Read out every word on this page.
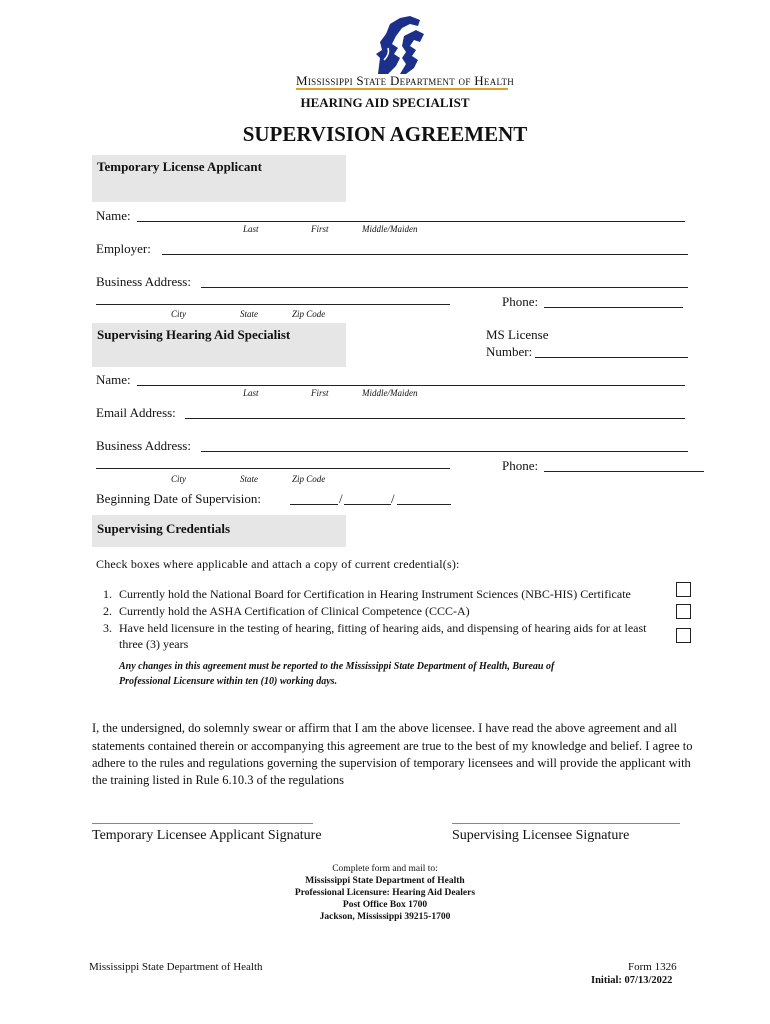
Mississippi State Department of Health
HEARING AID SPECIALIST
SUPERVISION AGREEMENT
Temporary License Applicant
Name:
Last	First	Middle/Maiden
Employer:
Business Address:
City	State	Zip Code
Phone:
Supervising Hearing Aid Specialist	MS License
Number:
Name:
Last	First	Middle/Maiden
Email Address:
Business Address:
City	State	Zip Code
Phone:
Beginning Date of Supervision:	/	/
Supervising Credentials
Check boxes where applicable and attach a copy of current credential(s):
1. Currently hold the National Board for Certification in Hearing Instrument Sciences (NBC-HIS) Certificate
2. Currently hold the ASHA Certification of Clinical Competence (CCC-A)
3. Have held licensure in the testing of hearing, fitting of hearing aids, and dispensing of hearing aids for at least
three (3) years
Any changes in this agreement must be reported to the Mississippi State Department of Health, Bureau of
Professional Licensure within ten (10) working days.
I, the undersigned, do solemnly swear or affirm that I am the above licensee. I have read the above agreement and all
statements contained therein or accompanying this agreement are true to the best of my knowledge and belief. I agree to
adhere to the rules and regulations governing the supervision of temporary licensees and will provide the applicant with
the training listed in Rule 6.10.3 of the regulations
Temporary Licensee Applicant Signature	Supervising Licensee Signature
Complete form and mail to:
Mississippi State Department of Health
Professional Licensure: Hearing Aid Dealers
Post Office Box 1700
Jackson, Mississippi 39215-1700
Mississippi State Department of Health	Form 1326
Initial: 07/13/2022
